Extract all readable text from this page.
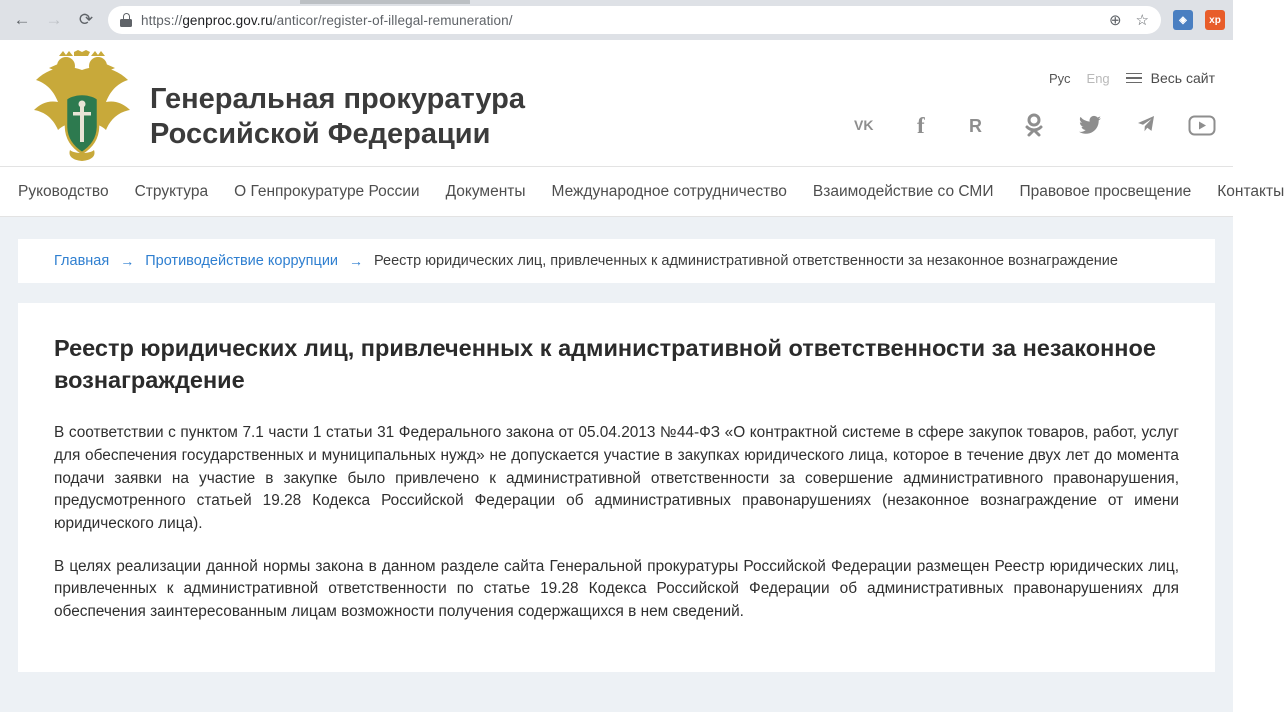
← → ⟳	https://genproc.gov.ru/anticor/register-of-illegal-remuneration/	⊕ ☆	◈	xp
Генеральная прокуратура
Российской Федерации
Рус Eng	Весь сайт
VK f R
Руководство Структура О Генпрокуратуре России Документы Международное сотрудничество Взаимодействие со СМИ Правовое просвещение Контакты
Главная → Противодействие коррупции → Реестр юридических лиц, привлеченных к административной ответственности за незаконное вознаграждение
Реестр юридических лиц, привлеченных к административной ответственности за незаконное вознаграждение

В соответствии с пунктом 7.1 части 1 статьи 31 Федерального закона от 05.04.2013 №44-ФЗ «О контрактной системе в сфере закупок товаров, работ, услуг для обеспечения государственных и муниципальных нужд» не допускается участие в закупках юридического лица, которое в течение двух лет до момента подачи заявки на участие в закупке было привлечено к административной ответственности за совершение административного правонарушения, предусмотренного статьей 19.28 Кодекса Российской Федерации об административных правонарушениях (незаконное вознаграждение от имени юридического лица).

В целях реализации данной нормы закона в данном разделе сайта Генеральной прокуратуры Российской Федерации размещен Реестр юридических лиц, привлеченных к административной ответственности по статье 19.28 Кодекса Российской Федерации об административных правонарушениях для обеспечения заинтересованным лицам возможности получения содержащихся в нем сведений.
